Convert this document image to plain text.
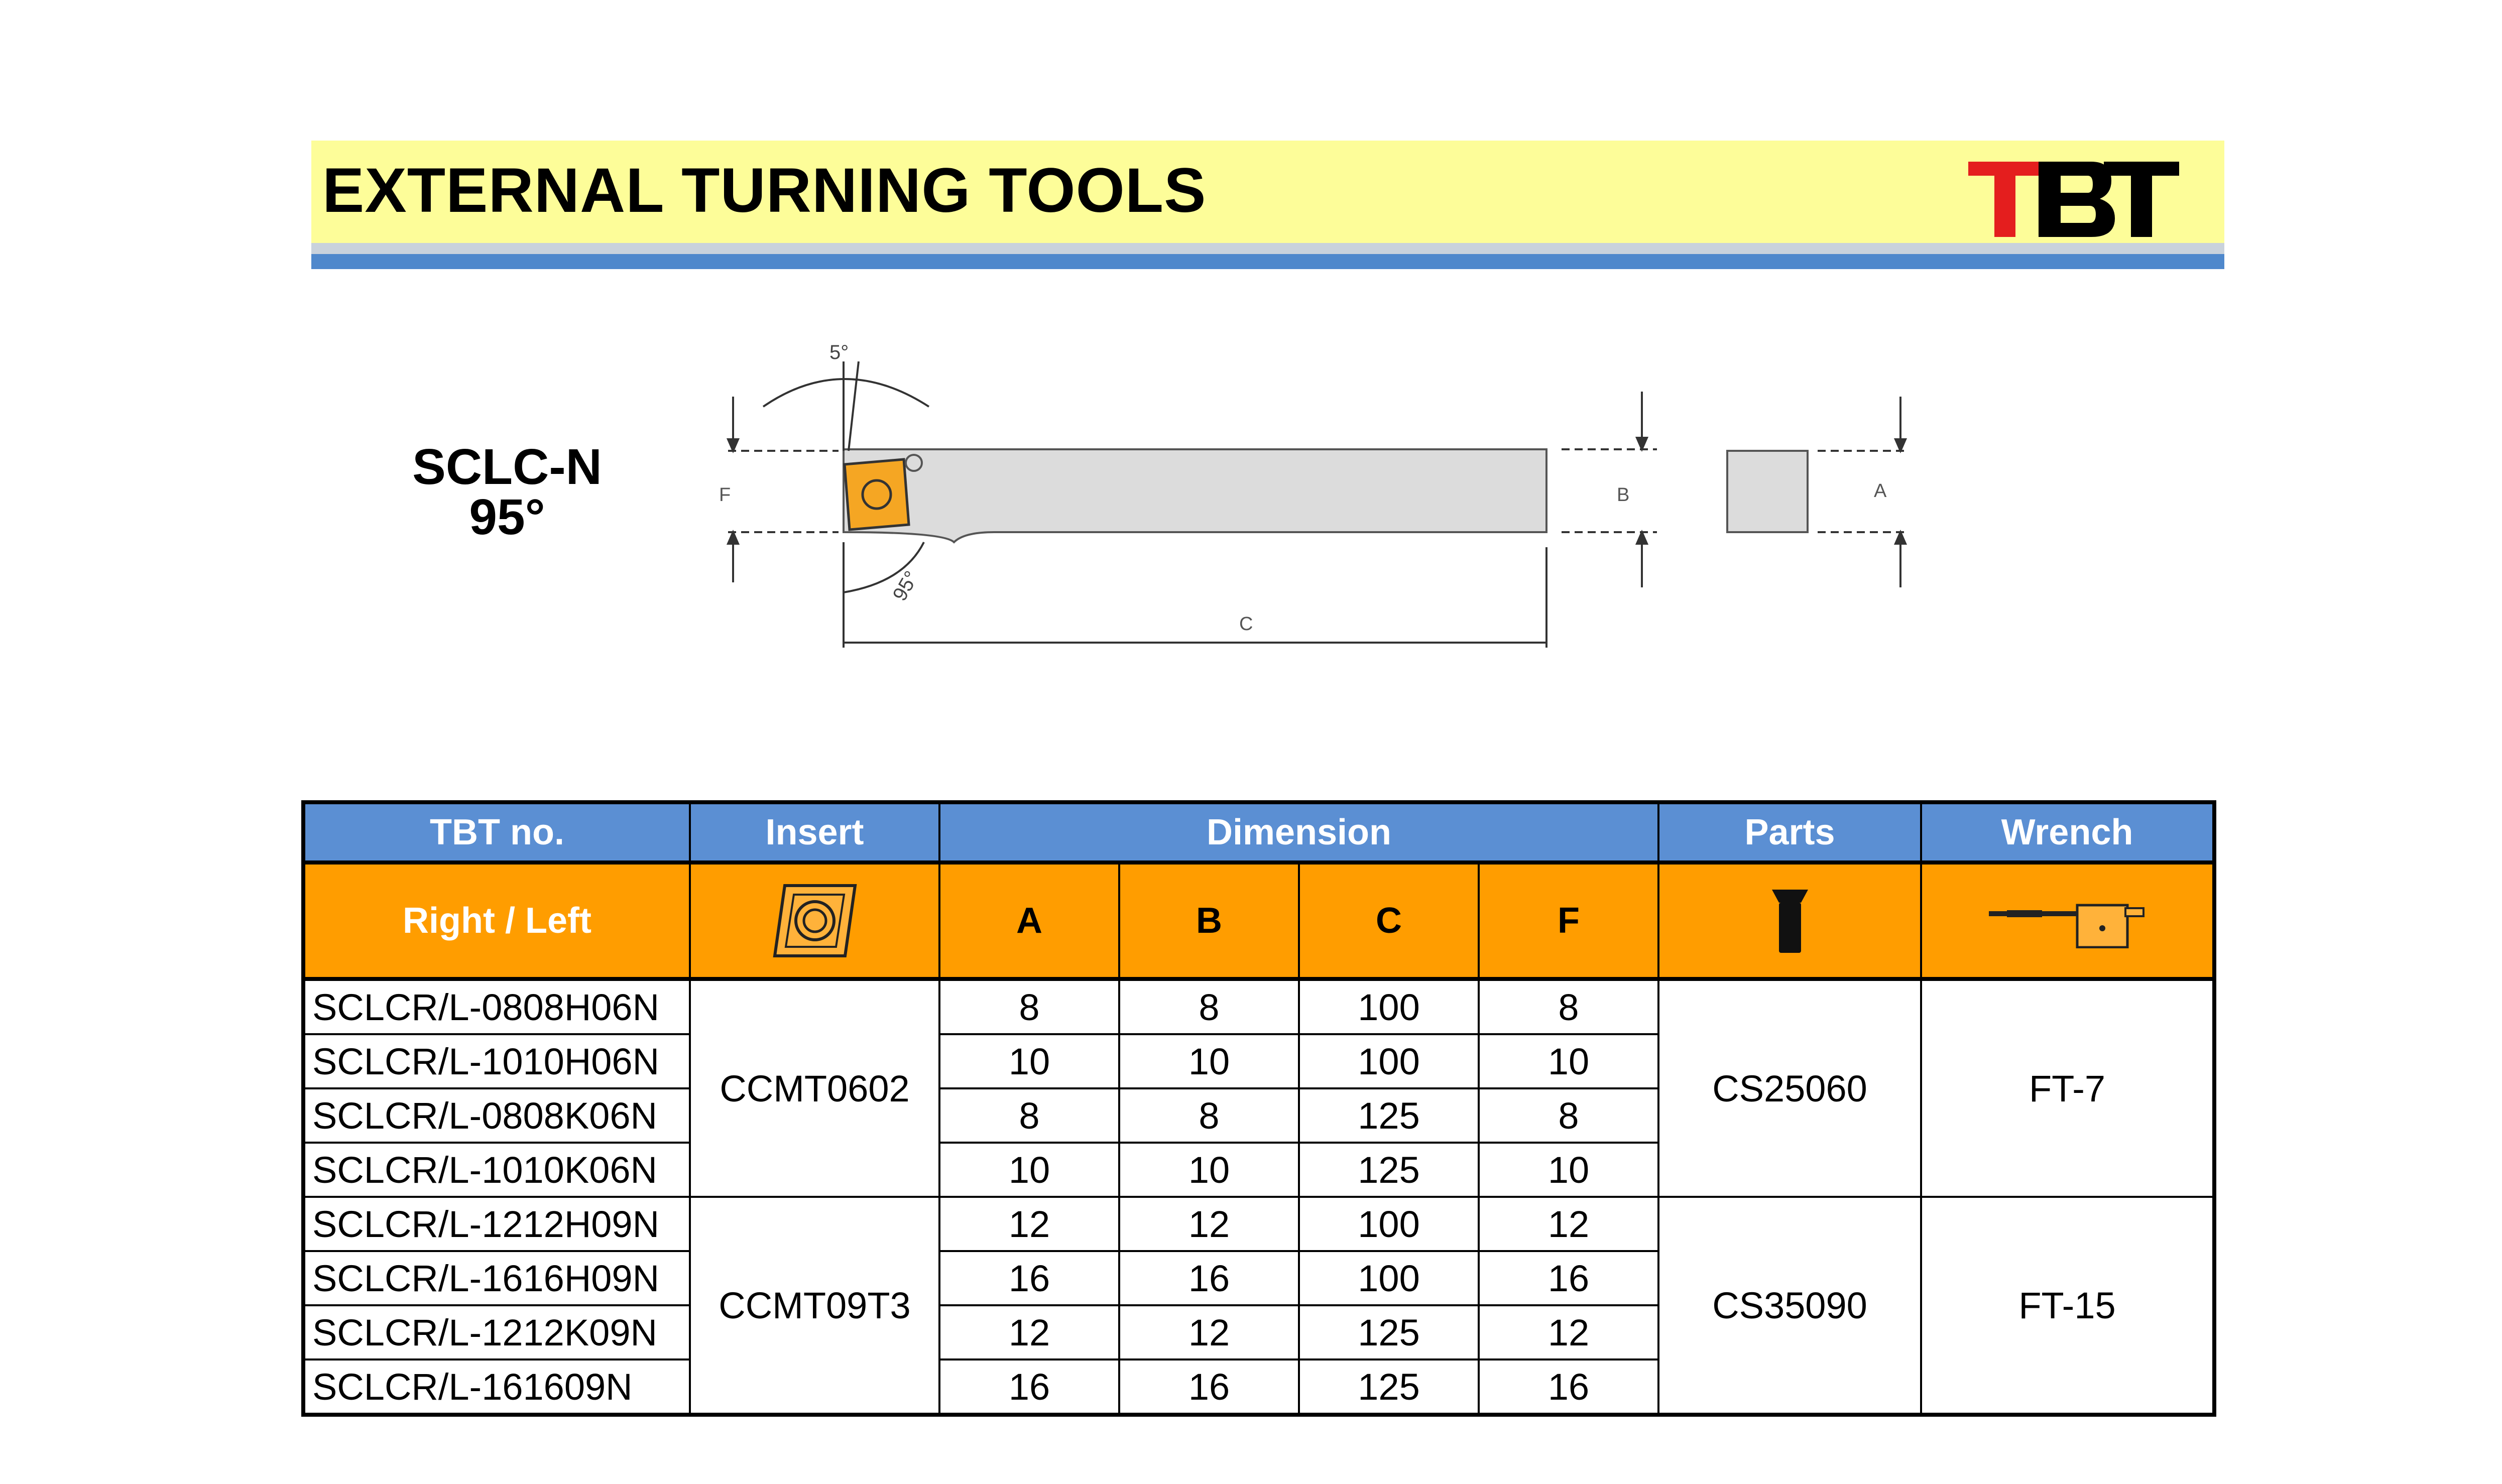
EXTERNAL TURNING TOOLS
SCLC-N
95°
5°
95°
F	B	A
C
TBT no.	Insert	Dimension				Parts	Wrench
Right / Left		A	B	C	F		
SCLCR/L-0808H06N	CCMT0602	8	8	100	8	CS25060	FT-7
SCLCR/L-1010H06N		10	10	100	10		
SCLCR/L-0808K06N		8	8	125	8		
SCLCR/L-1010K06N		10	10	125	10		
SCLCR/L-1212H09N	CCMT09T3	12	12	100	12	CS35090	FT-15
SCLCR/L-1616H09N		16	16	100	16		
SCLCR/L-1212K09N		12	12	125	12		
SCLCR/L-161609N		16	16	125	16		
